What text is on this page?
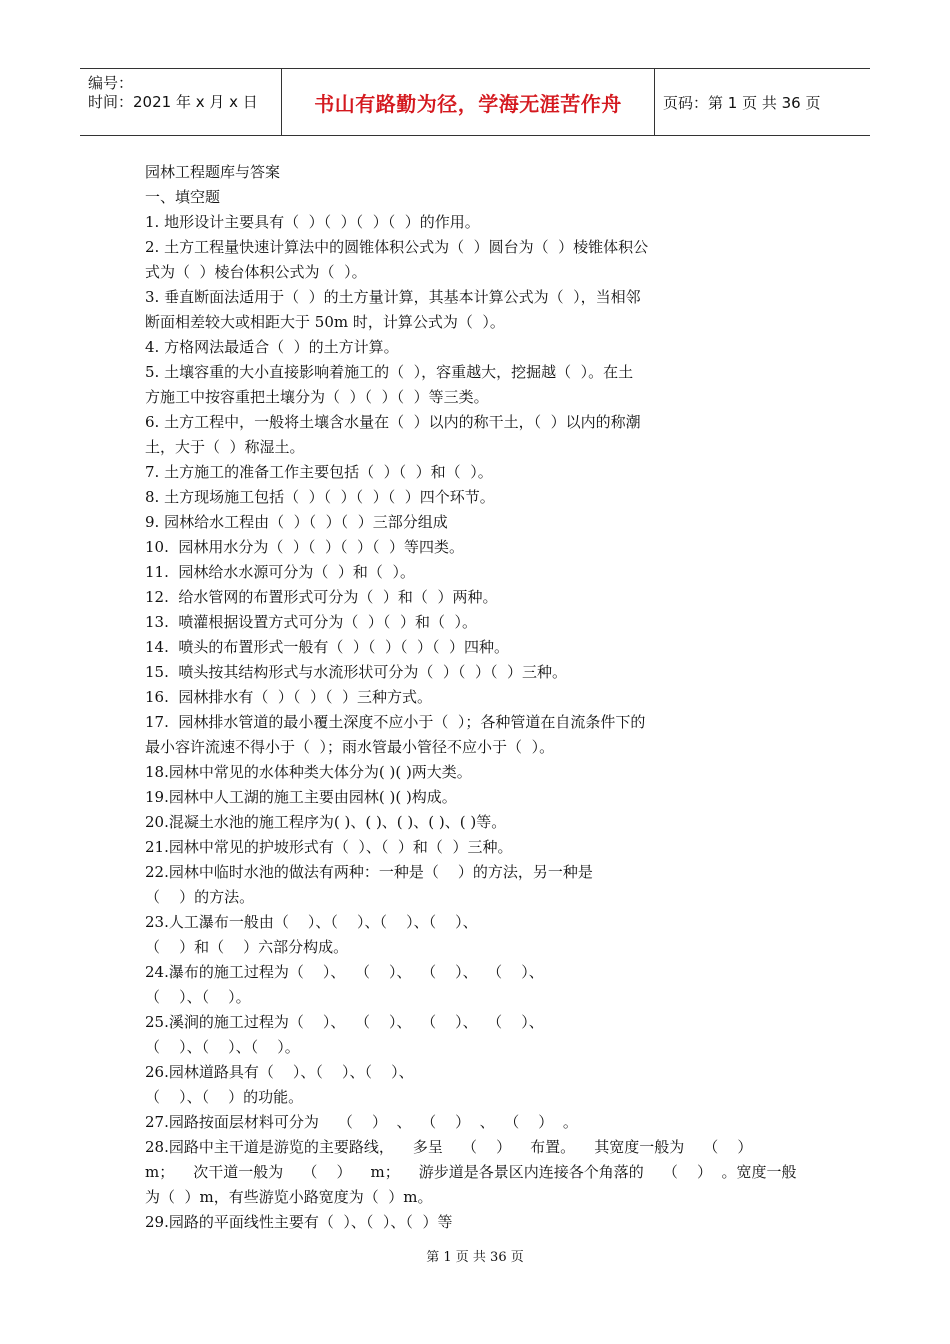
编号：
时间：2021 年 x 月 x 日	书山有路勤为径，学海无涯苦作舟	页码：第 1 页 共 36 页
园林工程题库与答案
一、填空题
1. 地形设计主要具有（  ）（  ）（  ）（  ）的作用。
2. 土方工程量快速计算法中的圆锥体积公式为（  ）圆台为（  ）棱锥体积公
式为（  ）棱台体积公式为（  ）。
3. 垂直断面法适用于（  ）的土方量计算，其基本计算公式为（  ），当相邻
断面相差较大或相距大于 50m 时，计算公式为（  ）。
4. 方格网法最适合（  ）的土方计算。
5. 土壤容重的大小直接影响着施工的（  ），容重越大，挖掘越（  ）。在土
方施工中按容重把土壤分为（  ）（  ）（  ）等三类。
6. 土方工程中，一般将土壤含水量在（  ）以内的称干土，（  ）以内的称潮
土，大于（  ）称湿土。
7. 土方施工的准备工作主要包括（  ）（  ）和（  ）。
8. 土方现场施工包括（  ）（  ）（  ）（  ）四个环节。
9. 园林给水工程由（  ）（  ）（  ）三部分组成
10.  园林用水分为（  ）（  ）（  ）（  ）等四类。
11.  园林给水水源可分为（  ）和（  ）。
12.  给水管网的布置形式可分为（  ）和（  ）两种。
13.  喷灌根据设置方式可分为（  ）（  ）和（  ）。
14.  喷头的布置形式一般有（  ）（  ）（  ）（  ）四种。
15.  喷头按其结构形式与水流形状可分为（  ）（  ）（  ）三种。
16.  园林排水有（  ）（  ）（  ）三种方式。
17.  园林排水管道的最小覆土深度不应小于（  ）；各种管道在自流条件下的
最小容许流速不得小于（  ）；雨水管最小管径不应小于（  ）。
18.园林中常见的水体种类大体分为( )( )两大类。
19.园林中人工湖的施工主要由园林( )( )构成。
20.混凝土水池的施工程序为( )、( )、( )、( )、( )等。
21.园林中常见的护坡形式有（  ）、（  ）和（  ）三种。
22.园林中临时水池的做法有两种：一种是（    ）的方法，另一种是
（    ）的方法。
23.人工瀑布一般由（    ）、（    ）、（    ）、（    ）、
（    ）和（    ）六部分构成。
24.瀑布的施工过程为（    ）、  （    ）、  （    ）、  （    ）、
（    ）、（    ）。
25.溪涧的施工过程为（    ）、  （    ）、  （    ）、  （    ）、
（    ）、（    ）、（    ）。
26.园林道路具有（    ）、（    ）、（    ）、
（    ）、（    ）的功能。
27.园路按面层材料可分为    （    ）  、  （    ）  、  （    ）  。
28.园路中主干道是游览的主要路线，    多呈    （    ）    布置。    其宽度一般为    （    ）
m；    次干道一般为    （    ）    m；    游步道是各景区内连接各个角落的    （    ）  。宽度一般
为（  ）m，有些游览小路宽度为（  ）m。
29.园路的平面线性主要有（  ）、（  ）、（  ）等
第 1 页 共 36 页
